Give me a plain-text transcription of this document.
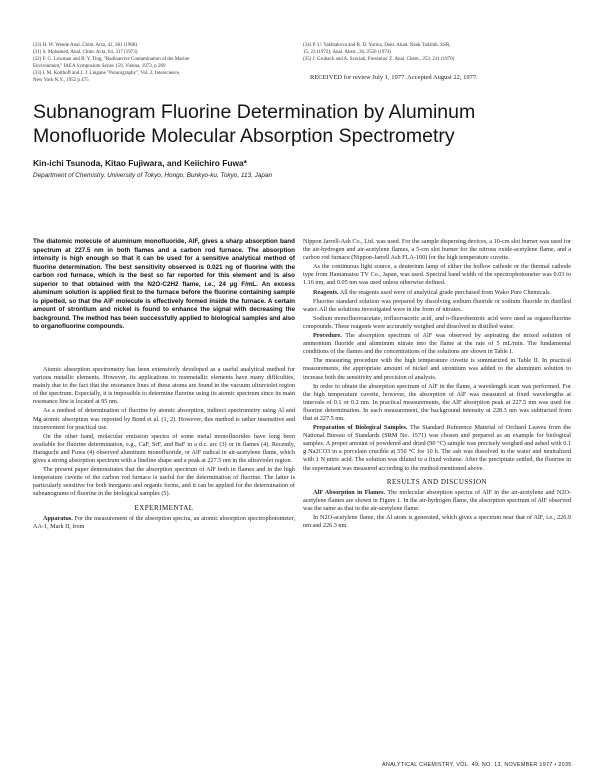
(33) H. W. Wende Anal. Chim. Acta, 42, 381 (1968)
(31) S. Mohamed, Anal. Chim. Acta, 64, 317 (1973)
(32) F. G. Lowman and R. Y. Ting, "Radioactive Contamination of the Marine
Environment," IAEA Symposium Series 159, Vienna, 1973, p 269
(33) I. M. Kolthoff and J. J. Lingane "Polarography", Vol. 2, Interscience,
New York N.Y., 1952 p 475
(34) P. U. Yakhtakova and R. D. Yurina, Dokl. Akad. Nauk Tadzhik. SSR,
15, 23 (1972); Anal. Abstr., 26, 2556 (1974)
(35) J. Grubach and A. Scoriati, Fresenius' Z. Anal. Chem., 253, 211 (1970)
RECEIVED for review July 1, 1977. Accepted August 22, 1977.
Subnanogram Fluorine Determination by Aluminum
Monofluoride Molecular Absorption Spectrometry
Kin-ichi Tsunoda, Kitao Fujiwara, and Keiichiro Fuwa*
Department of Chemistry, University of Tokyo, Hongo, Bunkyo-ku, Tokyo, 113, Japan
The diatomic molecule of aluminum monofluoride, AlF, gives a sharp absorption band spectrum at 227.5 nm in both flames and a carbon rod furnace. The absorption intensity is high enough so that it can be used for a sensitive analytical method of fluorine determination. The best sensitivity observed is 0.021 ng of fluorine with the carbon rod furnace, which is the best so far reported for this element and is also superior to that obtained with the N2O-C2H2 flame, i.e., 24 µg F/mL. An excess aluminum solution is applied first to the furnace before the fluorine containing sample is pipetted, so that the AlF molecule is effectively formed inside the furnace. A certain amount of strontium and nickel is found to enhance the signal with decreasing the background. The method has been successfully applied to biological samples and also to organofluorine compounds.

Atomic absorption spectrometry has been extensively developed as a useful analytical method for various metallic elements. However, its applications to nonmetallic elements have many difficulties, mainly due to the fact that the resonance lines of these atoms are found in the vacuum ultraviolet region of the spectrum. Especially, it is impossible to determine fluorine using its atomic spectrum since its main resonance line is located at 95 nm.

As a method of determination of fluorine by atomic absorption, indirect spectrometry using Al and Mg atomic absorption was reported by Bond et al. (1, 2). However, this method is rather insensitive and inconvenient for practical use.

On the other hand, molecular emission spectra of some metal monofluorides have long been available for fluorine determination, e.g., CaF, SrF, and BaF in a d.c. arc (3) or in flames (4). Recently, Haraguchi and Fuwa (4) observed aluminum monofluoride, or AlF radical in air-acetylene flame, which gives a strong absorption spectrum with a lineline shape and a peak at 227.5 nm in the ultraviolet region.

The present paper demonstrates that the absorption spectrum of AlF both in flames and in the high temperature cuvette of the carbon rod furnace is useful for the determination of fluorine. The latter is particularly sensitive for both inorganic and organic forms, and it can be applied for the determination of subnanograms of fluorine in the biological samples (5).

EXPERIMENTAL

Apparatus. For the measurement of the absorption spectra, an atomic absorption spectrophotometer, AA-1, Mark II, from

Nippon Jarrell-Ash Co., Ltd. was used. For the sample dispersing devices, a 10-cm slot burner was used for the air-hydrogen and air-acetylene flames, a 5-cm slot burner for the nitrous oxide-acetylene flame, and a carbon rod furnace (Nippon-Jarrell Ash FLA-100) for the high temperature cuvette.

As the continuous light source, a deuterium lamp of either the hollow cathode or the thermal cathode type from Hamamatsu TV Co., Japan, was used. Spectral band width of the spectrophotometer was 0.03 to 1.16 nm, and 0.05 nm was used unless otherwise defined.

Reagents. All the reagents used were of analytical grade purchased from Wako Pure Chemicals.

Fluorine standard solution was prepared by dissolving sodium fluoride or sodium fluoride in distilled water. All the solutions investigated were in the form of nitrates.

Sodium monofluoroacetate, trifluoroacetic acid, and o-fluorobenzoic acid were used as organofluorine compounds. These reagents were accurately weighed and dissolved in distilled water.

Procedure. The absorption spectrum of AlF was observed by aspirating the mixed solution of ammonium fluoride and aluminum nitrate into the flame at the rate of 5 mL/min. The fundamental conditions of the flames and the concentrations of the solutions are shown in Table I.

The measuring procedure with the high temperature cuvette is summarized in Table II. In practical measurements, the appropriate amount of nickel and strontium was added to the aluminum solution to increase both the sensitivity and precision of analysis.

In order to obtain the absorption spectrum of AlF in the flame, a wavelength scan was performed. For the high temperature cuvette, however, the absorption of AlF was measured at fixed wavelengths at intervals of 0.1 or 0.2 nm. In practical measurements, the AlF absorption peak at 227.5 nm was used for fluorine determination. In each measurement, the background intensity at 228.3 nm was subtracted from that at 227.5 nm.

Preparation of Biological Samples. The Standard Reference Material of Orchard Leaves from the National Bureau of Standards (SRM No. 1571) was chosen and prepared as an example for biological samples. A proper amount of powdered and dried (90 °C) sample was precisely weighed and ashed with 0.1 g Na2CO3 in a porcelain crucible at 550 °C for 10 h. The ash was dissolved in the water and neutralized with 1 N nitric acid. The solution was diluted to a fixed volume. After the precipitate settled, the fluorine in the supernatant was measured according to the method mentioned above.

RESULTS AND DISCUSSION

AlF Absorption in Flames. The molecular absorption spectra of AlF in the air-acetylene and N2O-acetylene flames are shown in Figure 1. In the air-hydrogen flame, the absorption spectrum of AlF observed was the same as that in the air-acetylene flame.

In N2O-acetylene flame, the Al atom is generated, which gives a spectrum near that of AlF, i.e., 226.9 nm and 226.3 nm.

ANALYTICAL CHEMISTRY, VOL. 49, NO. 13, NOVEMBER 1977 • 2035
